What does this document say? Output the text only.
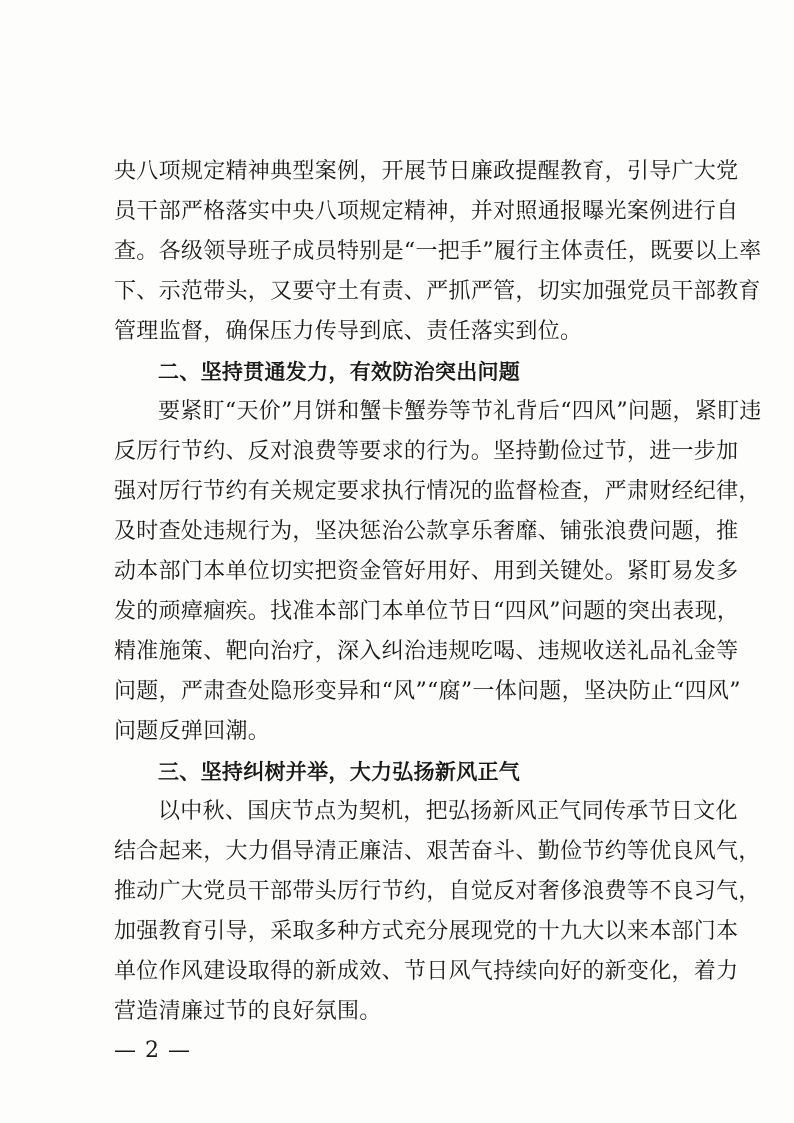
央八项规定精神典型案例，开展节日廉政提醒教育，引导广大党
员干部严格落实中央八项规定精神，并对照通报曝光案例进行自
查。各级领导班子成员特别是“一把手”履行主体责任，既要以上率
下、示范带头，又要守土有责、严抓严管，切实加强党员干部教育
管理监督，确保压力传导到底、责任落实到位。
二、坚持贯通发力，有效防治突出问题
要紧盯“天价”月饼和蟹卡蟹券等节礼背后“四风”问题，紧盯违
反厉行节约、反对浪费等要求的行为。坚持勤俭过节，进一步加
强对厉行节约有关规定要求执行情况的监督检查，严肃财经纪律，
及时查处违规行为，坚决惩治公款享乐奢靡、铺张浪费问题，推
动本部门本单位切实把资金管好用好、用到关键处。紧盯易发多
发的顽瘴痼疾。找准本部门本单位节日“四风”问题的突出表现，
精准施策、靶向治疗，深入纠治违规吃喝、违规收送礼品礼金等
问题，严肃查处隐形变异和“风”“腐”一体问题，坚决防止“四风”
问题反弹回潮。
三、坚持纠树并举，大力弘扬新风正气
以中秋、国庆节点为契机，把弘扬新风正气同传承节日文化
结合起来，大力倡导清正廉洁、艰苦奋斗、勤俭节约等优良风气，
推动广大党员干部带头厉行节约，自觉反对奢侈浪费等不良习气，
加强教育引导，采取多种方式充分展现党的十九大以来本部门本
单位作风建设取得的新成效、节日风气持续向好的新变化，着力
营造清廉过节的良好氛围。
— 2 —
